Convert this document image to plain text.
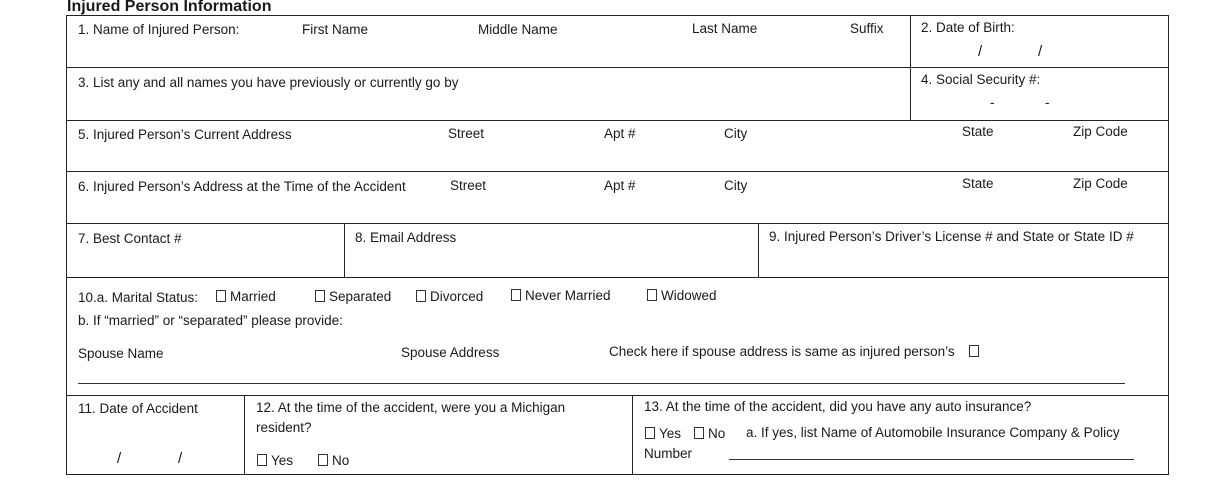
Injured Person Information
1. Name of Injured Person:	First Name	Middle Name	Last Name	Suffix	2. Date of Birth:
/	/
3. List any and all names you have previously or currently go by	4. Social Security #:
-	-
5. Injured Person’s Current Address	Street	Apt #	City	State	Zip Code
6. Injured Person’s Address at the Time of the Accident	Street	Apt #	City	State	Zip Code
7. Best Contact #	8. Email Address	9. Injured Person’s Driver’s License # and State or State ID #
10.a. Marital Status:	Married	Separated	Divorced	Never Married	Widowed
b. If “married” or “separated” please provide:
Spouse Name	Spouse Address	Check here if spouse address is same as injured person’s
11. Date of Accident
/	/
12. At the time of the accident, were you a Michigan
resident?
Yes	No
13. At the time of the accident, did you have any auto insurance?
Yes	No a. If yes, list Name of Automobile Insurance Company & Policy
Number
